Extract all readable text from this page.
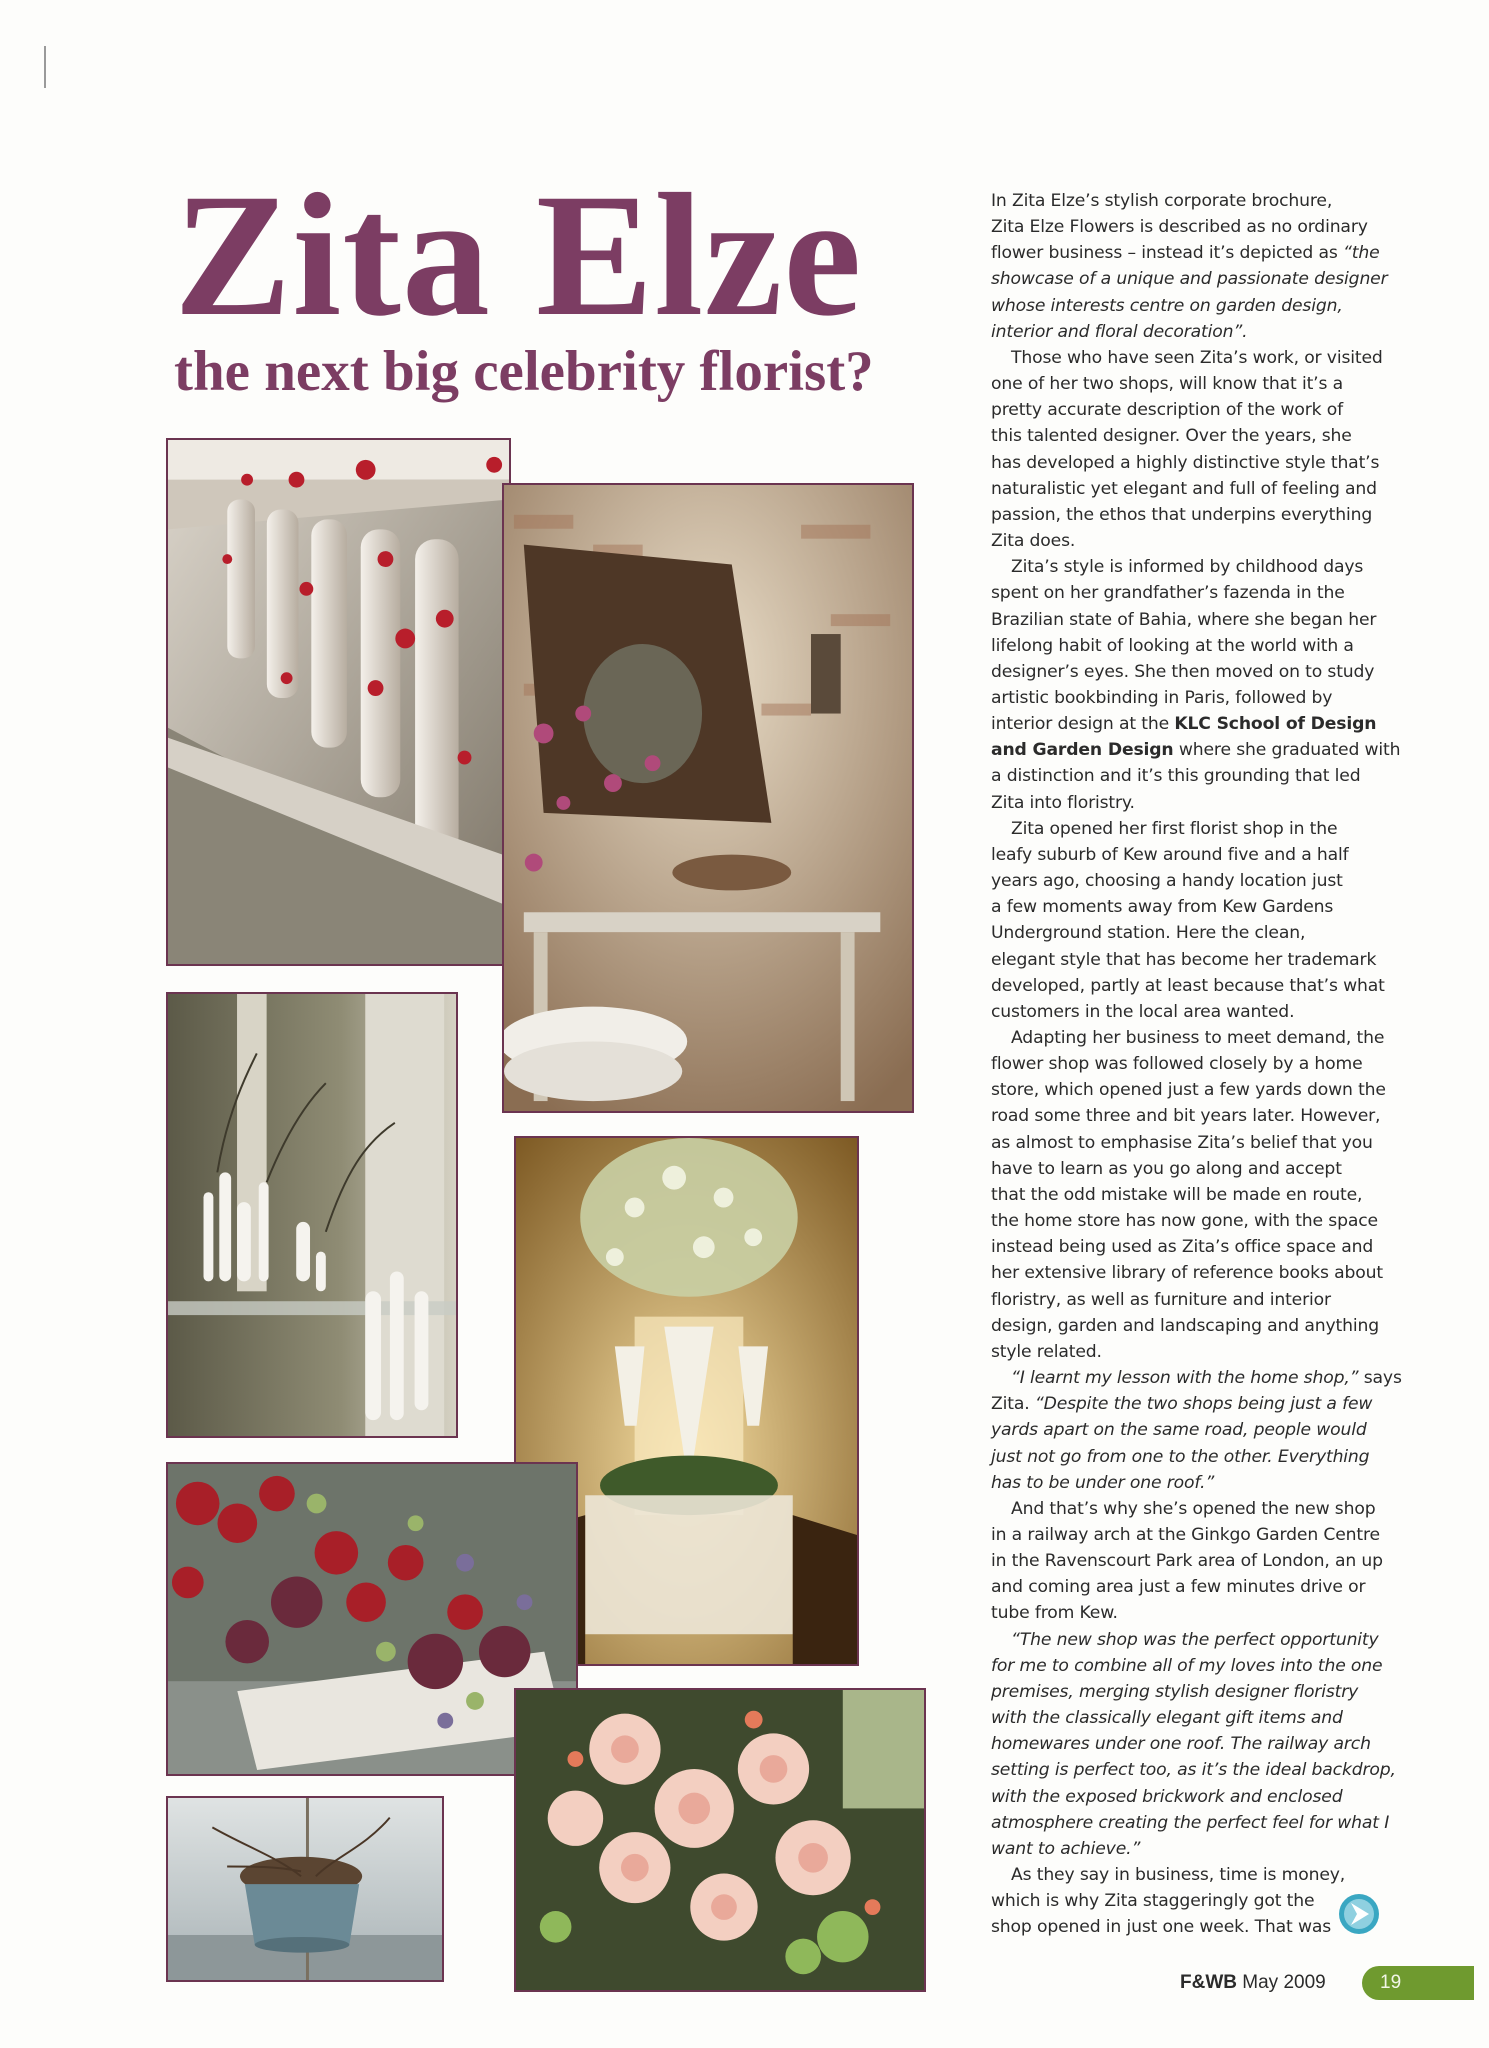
Zita Elze
the next big celebrity florist?

In Zita Elze’s stylish corporate brochure,
Zita Elze Flowers is described as no ordinary
flower business – instead it’s depicted as “the
showcase of a unique and passionate designer
whose interests centre on garden design,
interior and floral decoration”.

Those who have seen Zita’s work, or visited
one of her two shops, will know that it’s a
pretty accurate description of the work of
this talented designer. Over the years, she
has developed a highly distinctive style that’s
naturalistic yet elegant and full of feeling and
passion, the ethos that underpins everything
Zita does.

Zita’s style is informed by childhood days
spent on her grandfather’s fazenda in the
Brazilian state of Bahia, where she began her
lifelong habit of looking at the world with a
designer’s eyes. She then moved on to study
artistic bookbinding in Paris, followed by
interior design at the KLC School of Design
and Garden Design where she graduated with
a distinction and it’s this grounding that led
Zita into floristry.

Zita opened her first florist shop in the
leafy suburb of Kew around five and a half
years ago, choosing a handy location just
a few moments away from Kew Gardens
Underground station. Here the clean,
elegant style that has become her trademark
developed, partly at least because that’s what
customers in the local area wanted.

Adapting her business to meet demand, the
flower shop was followed closely by a home
store, which opened just a few yards down the
road some three and bit years later. However,
as almost to emphasise Zita’s belief that you
have to learn as you go along and accept
that the odd mistake will be made en route,
the home store has now gone, with the space
instead being used as Zita’s office space and
her extensive library of reference books about
floristry, as well as furniture and interior
design, garden and landscaping and anything
style related.

“I learnt my lesson with the home shop,” says
Zita. “Despite the two shops being just a few
yards apart on the same road, people would
just not go from one to the other. Everything
has to be under one roof.”

And that’s why she’s opened the new shop
in a railway arch at the Ginkgo Garden Centre
in the Ravenscourt Park area of London, an up
and coming area just a few minutes drive or
tube from Kew.

“The new shop was the perfect opportunity
for me to combine all of my loves into the one
premises, merging stylish designer floristry
with the classically elegant gift items and
homewares under one roof. The railway arch
setting is perfect too, as it’s the ideal backdrop,
with the exposed brickwork and enclosed
atmosphere creating the perfect feel for what I
want to achieve.”

As they say in business, time is money,
which is why Zita staggeringly got the
shop opened in just one week. That was

F&WB May 2009	19
